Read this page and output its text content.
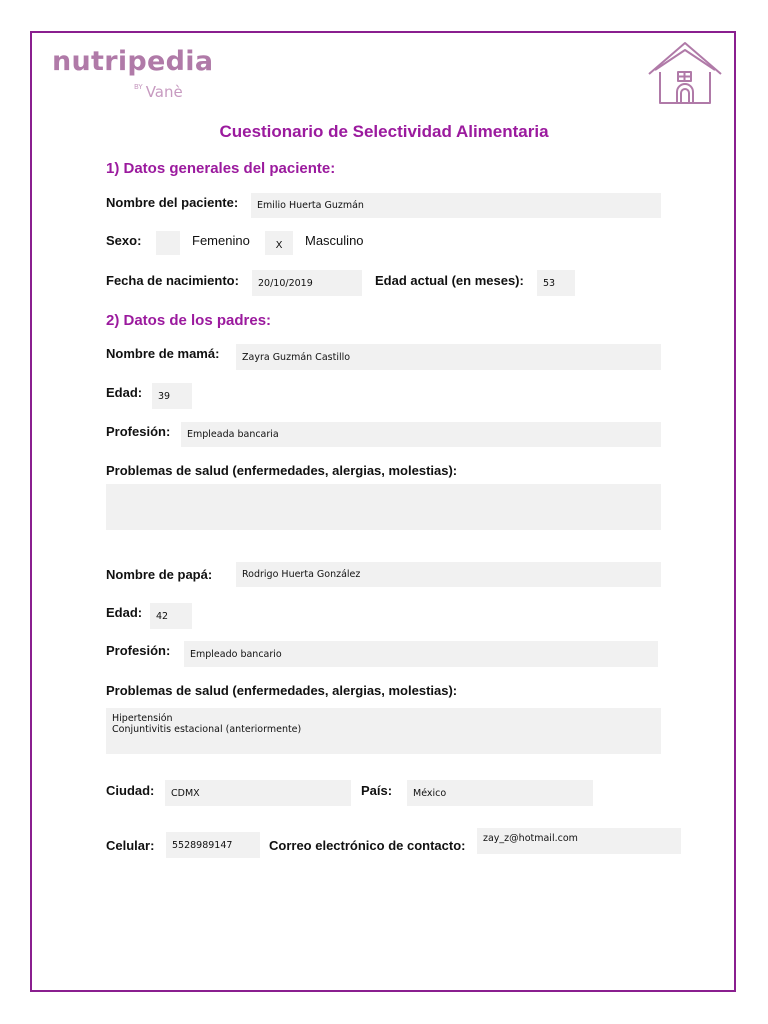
nutripedia
$^{BY}$ Vanè
Cuestionario de Selectividad Alimentaria
1) Datos generales del paciente:
Nombre del paciente:	Emilio Huerta Guzmán
Sexo:	Femenino	X	Masculino
Fecha de nacimiento:	20/10/2019	Edad actual (en meses):	53
2) Datos de los padres:
Nombre de mamá:	Zayra Guzmán Castillo
Edad:	39
Profesión:	Empleada bancaria
Problemas de salud (enfermedades, alergias, molestias):
Nombre de papá:	Rodrigo Huerta González
Edad:	42
Profesión:	Empleado bancario
Problemas de salud (enfermedades, alergias, molestias):
Hipertensión
Conjuntivitis estacional (anteriormente)
Ciudad:	CDMX	País:	México
Celular:	5528989147	Correo electrónico de contacto:	zay_z@hotmail.com
